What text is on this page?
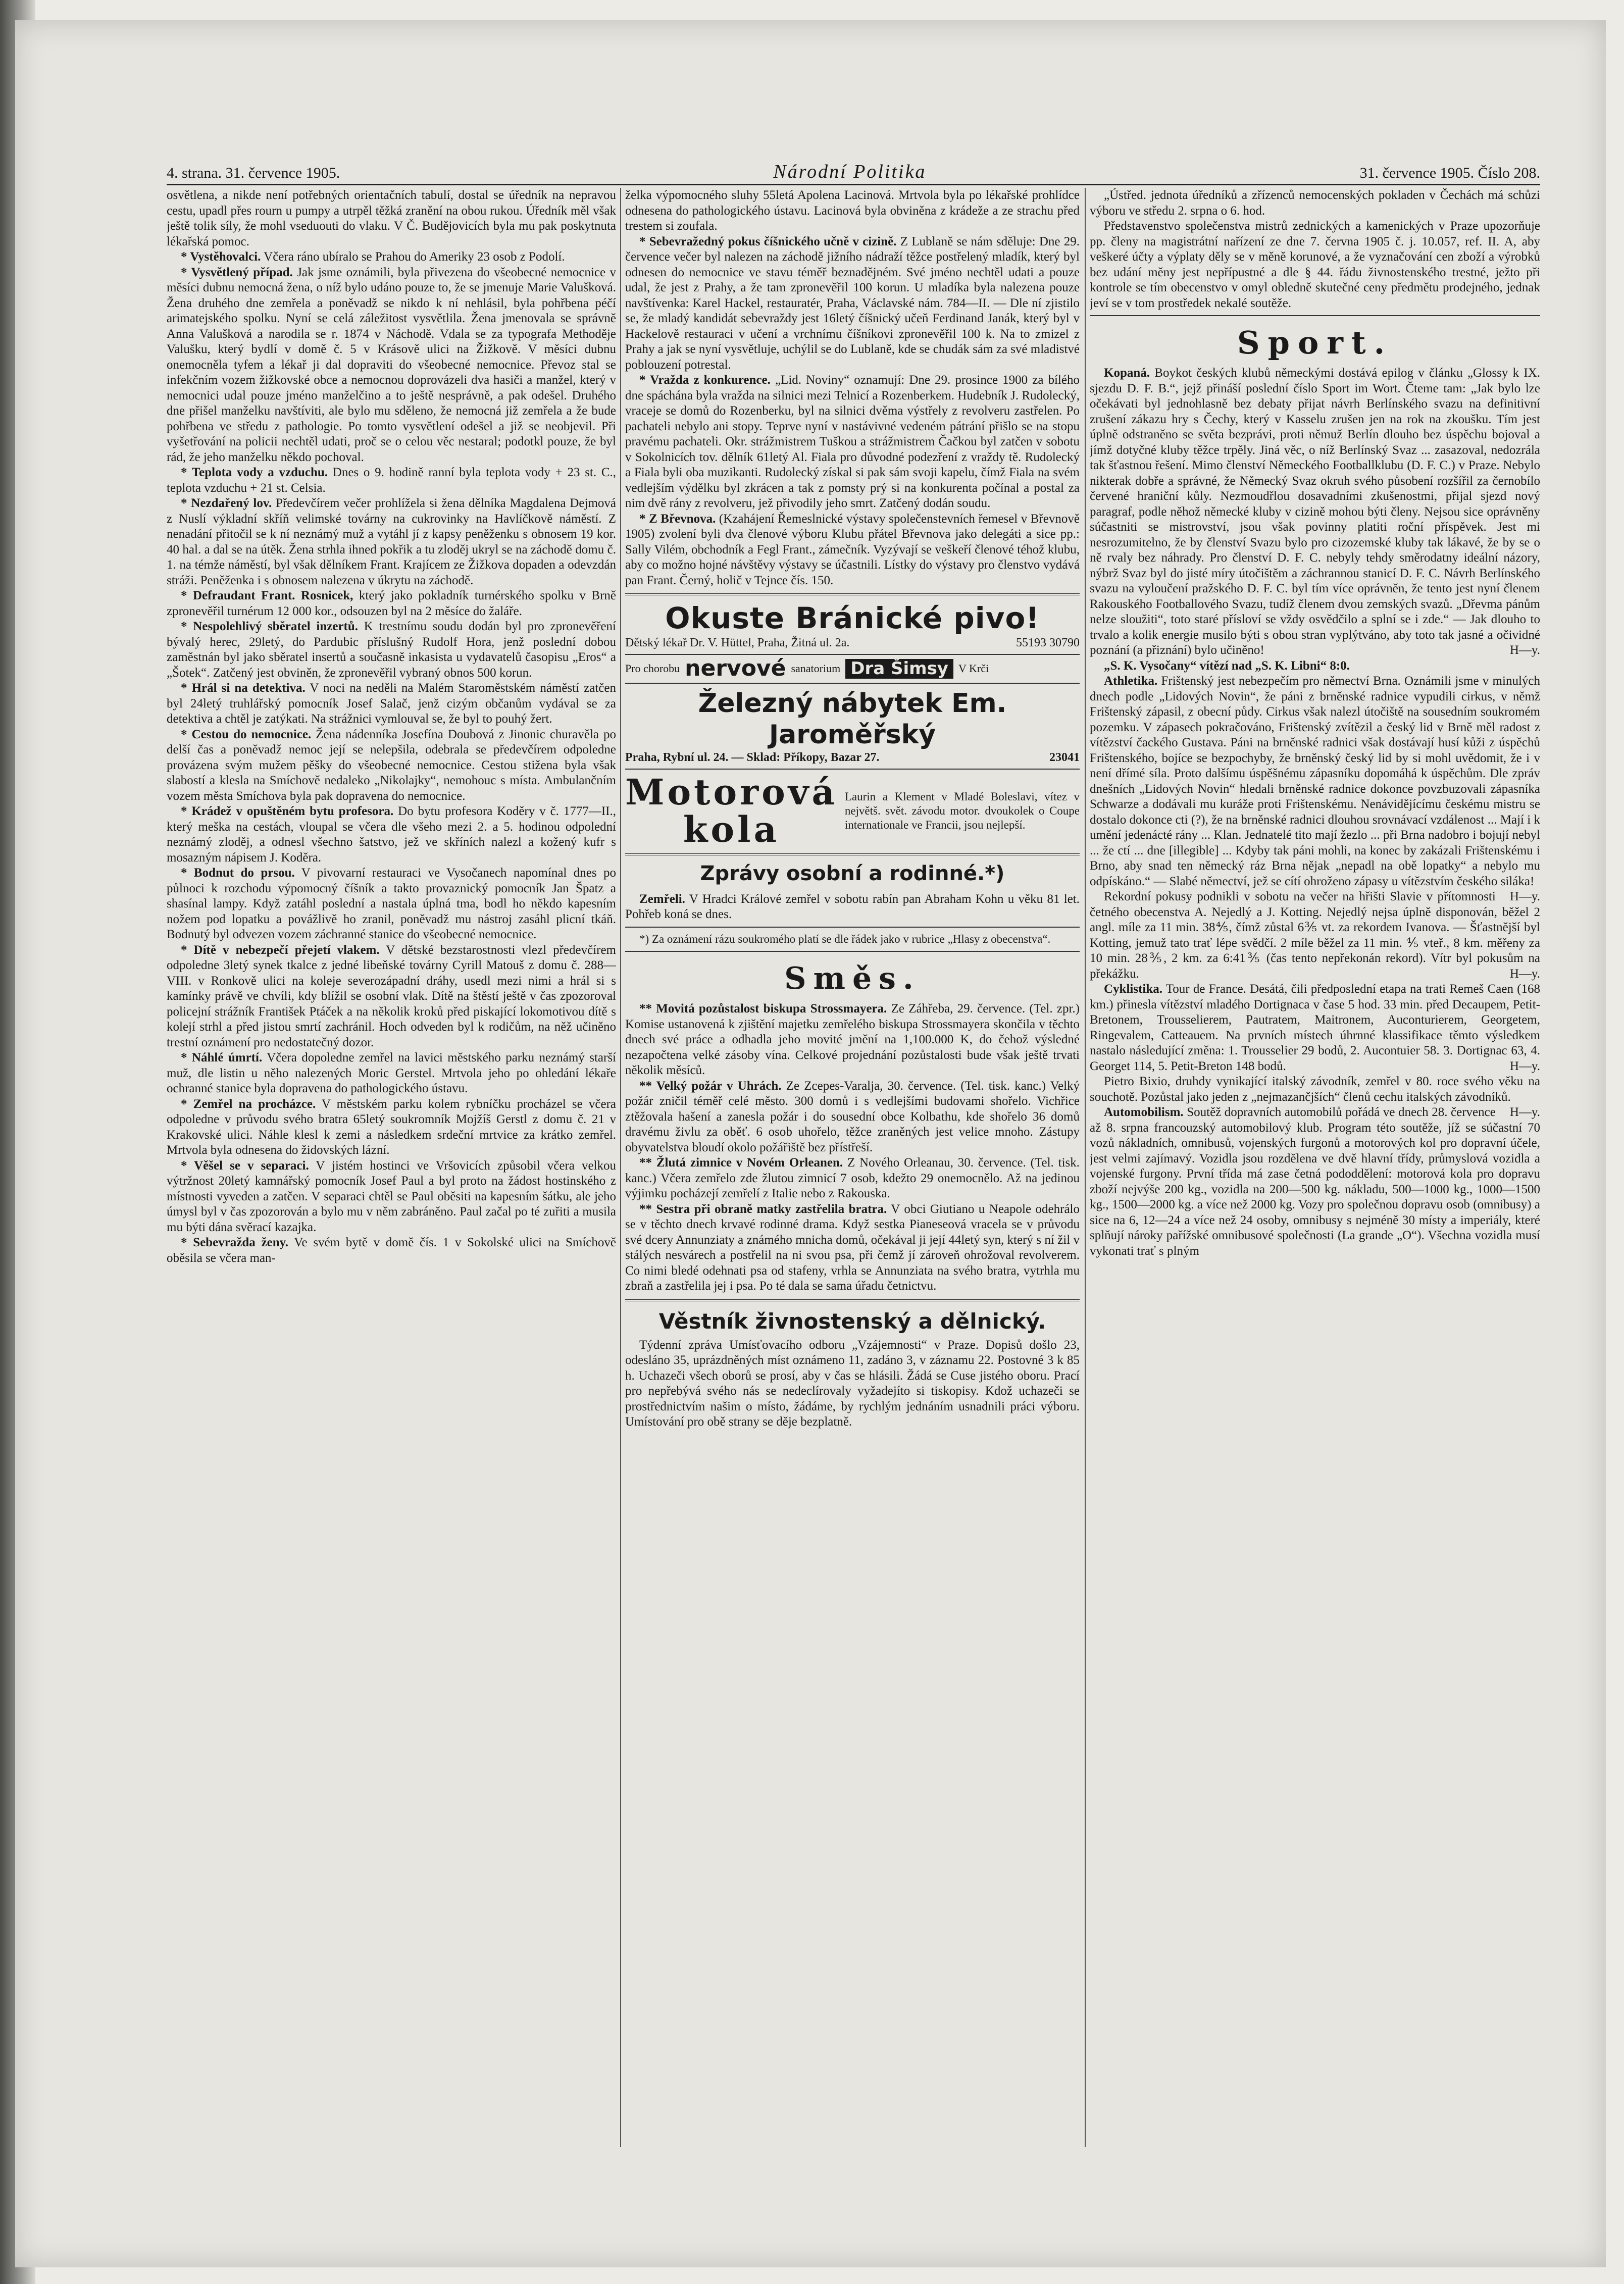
4. strana. 31. července 1905.	Národní Politika	31. července 1905. Číslo 208.

osvětlena, a nikde není potřebných orientačních tabulí, dostal se úředník na nepravou cestu, upadl přes rourn u pumpy a utrpěl těžká zranění na obou rukou. Úředník měl však ještě tolik síly, že mohl vseduouti do vlaku. V Č. Budějovicích byla mu pak poskytnuta lékařská pomoc.

* Vystěhovalci. Včera ráno ubíralo se Prahou do Ameriky 23 osob z Podolí.

* Vysvětlený případ. Jak jsme oznámili, byla přivezena do všeobecné nemocnice v měsíci dubnu nemocná žena, o níž bylo udáno pouze to, že se jmenuje Marie Valušková. Žena druhého dne zemřela a poněvadž se nikdo k ní nehlásil, byla pohřbena péčí arimatejského spolku. Nyní se celá záležitost vysvětlila. Žena jmenovala se správně Anna Valušková a narodila se r. 1874 v Náchodě. Vdala se za typografa Methoděje Valušku, který bydlí v domě č. 5 v Krásově ulici na Žižkově. V měsíci dubnu onemocněla tyfem a lékař ji dal dopraviti do všeobecné nemocnice. Převoz stal se infekčním vozem žižkovské obce a nemocnou doprovázeli dva hasiči a manžel, který v nemocnici udal pouze jméno manželčino a to ještě nesprávně, a pak odešel. Druhého dne přišel manželku navštíviti, ale bylo mu sděleno, že nemocná již zemřela a že bude pohřbena ve středu z pathologie. Po tomto vysvětlení odešel a již se neobjevil. Při vyšetřování na policii nechtěl udati, proč se o celou věc nestaral; podotkl pouze, že byl rád, že jeho manželku někdo pochoval.

* Teplota vody a vzduchu. Dnes o 9. hodině ranní byla teplota vody + 23 st. C., teplota vzduchu + 21 st. Celsia.

* Nezdařený lov. Předevčírem večer prohlížela si žena dělníka Magdalena Dejmová z Nuslí výkladní skříň velimské továrny na cukrovinky na Havlíčkově náměstí. Z nenadání přitočil se k ní neznámý muž a vytáhl jí z kapsy peněženku s obnosem 19 kor. 40 hal. a dal se na útěk. Žena strhla ihned pokřik a tu zloděj ukryl se na záchodě domu č. 1. na témže náměstí, byl však dělníkem Frant. Krajícem ze Žižkova dopaden a odevzdán stráži. Peněženka i s obnosem nalezena v úkrytu na záchodě.

* Defraudant Frant. Rosnicek, který jako pokladník turnérského spolku v Brně zpronevěřil turnérum 12 000 kor., odsouzen byl na 2 měsíce do žaláře.

* Nespolehlivý sběratel inzertů. K trestnímu soudu dodán byl pro zpronevěření bývalý herec, 29letý, do Pardubic příslušný Rudolf Hora, jenž poslední dobou zaměstnán byl jako sběratel insertů a současně inkasista u vydavatelů časopisu „Eros“ a „Šotek“. Zatčený jest obviněn, že zpronevěřil vybraný obnos 500 korun.

* Hrál si na detektiva. V noci na neděli na Malém Staroměstském náměstí zatčen byl 24letý truhlářský pomocník Josef Salač, jenž cizým občanům vydával se za detektiva a chtěl je zatýkati. Na strážnici vymlouval se, že byl to pouhý žert.

* Cestou do nemocnice. Žena nádenníka Josefína Doubová z Jinonic churavěla po delší čas a poněvadž nemoc její se nelepšila, odebrala se předevčírem odpoledne provázena svým mužem pěšky do všeobecné nemocnice. Cestou stižena byla však slabostí a klesla na Smíchově nedaleko „Nikolajky“, nemohouc s místa. Ambulančním vozem města Smíchova byla pak dopravena do nemocnice.

* Krádež v opuštěném bytu profesora. Do bytu profesora Koděry v č. 1777—II., který meška na cestách, vloupal se včera dle všeho mezi 2. a 5. hodinou odpolední neznámý zloděj, a odnesl všechno šatstvo, jež ve skříních nalezl a kožený kufr s mosazným nápisem J. Koděra.

* Bodnut do prsou. V pivovarní restauraci ve Vysočanech napomínal dnes po půlnoci k rozchodu výpomocný číšník a takto provaznický pomocník Jan Špatz a shasínal lampy. Když zatáhl poslední a nastala úplná tma, bodl ho někdo kapesním nožem pod lopatku a povážlivě ho zranil, poněvadž mu nástroj zasáhl plicní tkáň. Bodnutý byl odvezen vozem záchranné stanice do všeobecné nemocnice.

* Dítě v nebezpečí přejetí vlakem. V dětské bezstarostnosti vlezl předevčírem odpoledne 3letý synek tkalce z jedné libeňské továrny Cyrill Matouš z domu č. 288—VIII. v Ronkově ulici na koleje severozápadní dráhy, usedl mezi nimi a hrál si s kamínky právě ve chvíli, kdy blížil se osobní vlak. Dítě na štěstí ještě v čas zpozoroval policejní strážník František Ptáček a na několik kroků před piskající lokomotivou dítě s kolejí strhl a před jistou smrtí zachránil. Hoch odveden byl k rodičům, na něž učiněno trestní oznámení pro nedostatečný dozor.

* Náhlé úmrtí. Včera dopoledne zemřel na lavici městského parku neznámý starší muž, dle listin u něho nalezených Moric Gerstel. Mrtvola jeho po ohledání lékaře ochranné stanice byla dopravena do pathologického ústavu.

* Zemřel na procházce. V městském parku kolem rybníčku procházel se včera odpoledne v průvodu svého bratra 65letý soukromník Mojžíš Gerstl z domu č. 21 v Krakovské ulici. Náhle klesl k zemi a následkem srdeční mrtvice za krátko zemřel. Mrtvola byla odnesena do židovských lázní.

* Věšel se v separaci. V jistém hostinci ve Vršovicích způsobil včera velkou výtržnost 20letý kamnářský pomocník Josef Paul a byl proto na žádost hostinského z místnosti vyveden a zatčen. V separaci chtěl se Paul oběsiti na kapesním šátku, ale jeho úmysl byl v čas zpozorován a bylo mu v něm zabráněno. Paul začal po té zuřiti a musila mu býti dána svěrací kazajka.

* Sebevražda ženy. Ve svém bytě v domě čís. 1 v Sokolské ulici na Smíchově oběsila se včera man-

želka výpomocného sluhy 55letá Apolena Lacinová. Mrtvola byla po lékařské prohlídce odnesena do pathologického ústavu. Lacinová byla obviněna z krádeže a ze strachu před trestem si zoufala.

* Sebevražedný pokus číšnického učně v cizině. Z Lublaně se nám sděluje: Dne 29. července večer byl nalezen na záchodě jižního nádraží těžce postřelený mladík, který byl odnesen do nemocnice ve stavu téměř beznadějném. Své jméno nechtěl udati a pouze udal, že jest z Prahy, a že tam zpronevěřil 100 korun. U mladíka byla nalezena pouze navštívenka: Karel Hackel, restauratér, Praha, Václavské nám. 784—II. — Dle ní zjistilo se, že mladý kandidát sebevraždy jest 16letý číšnický učeň Ferdinand Janák, který byl v Hackelově restauraci v učení a vrchnímu číšníkovi zpronevěřil 100 k. Na to zmizel z Prahy a jak se nyní vysvětluje, uchýlil se do Lublaně, kde se chudák sám za své mladistvé poblouzení potrestal.

* Vražda z konkurence. „Lid. Noviny“ oznamují: Dne 29. prosince 1900 za bílého dne spáchána byla vražda na silnici mezi Telnicí a Rozenberkem. Hudebník J. Rudolecký, vraceje se domů do Rozenberku, byl na silnici dvěma výstřely z revolveru zastřelen. Po pachateli nebylo ani stopy. Teprve nyní v nastávivné vedeném pátrání přišlo se na stopu pravému pachateli. Okr. strážmistrem Tuškou a strážmistrem Čačkou byl zatčen v sobotu v Sokolnicích tov. dělník 61letý Al. Fiala pro důvodné podezření z vraždy tě. Rudolecký a Fiala byli oba muzikanti. Rudolecký získal si pak sám svoji kapelu, čímž Fiala na svém vedlejším výdělku byl zkrácen a tak z pomsty prý si na konkurenta počínal a postal za nim dvě rány z revolveru, jež přivodily jeho smrt. Zatčený dodán soudu.

* Z Břevnova. (Kzahájení Řemeslnické výstavy společenstevních řemesel v Břevnově 1905) zvolení byli dva členové výboru Klubu přátel Břevnova jako delegáti a sice pp.: Sally Vilém, obchodník a Fegl Frant., zámečník. Vyzývají se veškeří členové téhož klubu, aby co možno hojné návštěvy výstavy se účastnili. Lístky do výstavy pro členstvo vydává pan Frant. Černý, holič v Tejnce čís. 150.

Okuste Bránické pivo!
Dětský lékař Dr. V. Hüttel, Praha, Žitná ul. 2a.	55193 30790
Pro chorobu nervové sanatorium Dra Šimsy V Krči
Železný nábytek Em. Jaroměřský
Praha, Rybní ul. 24. — Sklad: Příkopy, Bazar 27.	23041
Motorová
kola
Laurin a Klement v Mladé Boleslavi, vítez v největš. svět. závodu motor. dvoukolek o Coupe internationale ve Francii, jsou nejlepší.
Zprávy osobní a rodinné.*)

Zemřeli. V Hradci Králové zemřel v sobotu rabín pan Abraham Kohn u věku 81 let. Pohřeb koná se dnes.

*) Za oznámení rázu soukromého platí se dle řádek jako v rubrice „Hlasy z obecenstva“.

Směs.

** Movitá pozůstalost biskupa Strossmayera. Ze Záhřeba, 29. července. (Tel. zpr.) Komise ustanovená k zjištění majetku zemřelého biskupa Strossmayera skončila v těchto dnech své práce a odhadla jeho movité jmění na 1,100.000 K, do čehož výsledné nezapočtena velké zásoby vína. Celkové projednání pozůstalosti bude však ještě trvati několik měsíců.

** Velký požár v Uhrách. Ze Zcepes-Varalja, 30. července. (Tel. tisk. kanc.) Velký požár zničil téměř celé město. 300 domů i s vedlejšími budovami shořelo. Vichřice ztěžovala hašení a zanesla požár i do sousední obce Kolbathu, kde shořelo 36 domů dravému živlu za oběť. 6 osob uhořelo, těžce zraněných jest velice mnoho. Zástupy obyvatelstva bloudí okolo požářiště bez přístřeší.

** Žlutá zimnice v Novém Orleanen. Z Nového Orleanau, 30. července. (Tel. tisk. kanc.) Včera zemřelo zde žlutou zimnicí 7 osob, kdežto 29 onemocnělo. Až na jedinou výjimku pocházejí zemřelí z Italie nebo z Rakouska.

** Sestra při obraně matky zastřelila bratra. V obci Giutiano u Neapole odehrálo se v těchto dnech krvavé rodinné drama. Když sestka Pianeseová vracela se v průvodu své dcery Annunziaty a známého mnicha domů, očekával ji její 44letý syn, který s ní žil v stálých nesvárech a postřelil na ni svou psa, při čemž jí zároveň ohrožoval revolverem. Co nimi bledé odehnati psa od stafeny, vrhla se Annunziata na svého bratra, vytrhla mu zbraň a zastřelila jej i psa. Po té dala se sama úřadu četnictvu.

Věstník živnostenský a dělnický.

Týdenní zpráva Umísťovacího odboru „Vzájemnosti“ v Praze. Dopisů došlo 23, odesláno 35, uprázdněných míst oznámeno 11, zadáno 3, v záznamu 22. Postovné 3 k 85 h. Uchazeči všech oborů se prosí, aby v čas se hlásili. Žádá se Cuse jistého oboru. Prací pro nepřebývá svého nás se nedeclírovaly vyžadejíto si tiskopisy. Kdož uchazeči se prostřednictvím našim o místo, žádáme, by rychlým jednáním usnadnili práci výboru. Umístování pro obě strany se děje bezplatně.

„Ústřed. jednota úředníků a zřízenců nemocenských pokladen v Čechách má schůzi výboru ve středu 2. srpna o 6. hod.

Představenstvo společenstva mistrů zednických a kamenických v Praze upozorňuje pp. členy na magistrátní nařízení ze dne 7. června 1905 č. j. 10.057, ref. II. A, aby veškeré účty a výplaty děly se v měně korunové, a že vyznačování cen zboží a výrobků bez udání měny jest nepřípustné a dle § 44. řádu živnostenského trestné, ježto při kontrole se tím obecenstvo v omyl obledně skutečné ceny předmětu prodejného, jednak jeví se v tom prostředek nekalé soutěže.

Sport.

Kopaná. Boykot českých klubů německými dostává epilog v článku „Glossy k IX. sjezdu D. F. B.“, jejž přináší poslední číslo Sport im Wort. Čteme tam: „Jak bylo lze očekávati byl jednohlasně bez debaty přijat návrh Berlínského svazu na definitivní zrušení zákazu hry s Čechy, který v Kasselu zrušen jen na rok na zkoušku. Tím jest úplně odstraněno se světa bezprávi, proti němuž Berlín dlouho bez úspěchu bojoval a jímž dotyčné kluby těžce trpěly. Jiná věc, o níž Berlínský Svaz ... zasazoval, nedozrála tak šťastnou řešení. Mimo členství Německého Footballklubu (D. F. C.) v Praze. Nebylo nikterak dobře a správné, že Německý Svaz okruh svého působení rozšířil za černobílo červené hraniční kůly. Nezmoudřlou dosavadními zkušenostmi, přijal sjezd nový paragraf, podle něhož německé kluby v cizině mohou býti členy. Nejsou sice oprávněny súčastniti se mistrovství, jsou však povinny platiti roční příspěvek. Jest mi nesrozumitelno, že by členství Svazu bylo pro cizozemské kluby tak lákavé, že by se o ně rvaly bez náhrady. Pro členství D. F. C. nebyly tehdy směrodatny ideální názory, nýbrž Svaz byl do jisté míry útočištěm a záchrannou stanicí D. F. C. Návrh Berlínského svazu na vyloučení pražského D. F. C. byl tím více oprávněn, že tento jest nyní členem Rakouského Footballového Svazu, tudíž členem dvou zemských svazů. „Dřevma pánům nelze sloužiti“, toto staré přísloví se vždy osvědčilo a splní se i zde.“ — Jak dlouho to trvalo a kolik energie musilo býti s obou stran vyplýtváno, aby toto tak jasné a očividné poznání (a přiznání) bylo učiněno!	H—y.

„S. K. Vysočany“ vítězí nad „S. K. Libni“ 8:0.

Athletika. Frištenský jest nebezpečím pro němectví Brna. Oznámili jsme v minulých dnech podle „Lidových Novin“, že páni z brněnské radnice vypudili cirkus, v němž Frištenský zápasil, z obecní půdy. Cirkus však nalezl útočiště na sousedním soukromém pozemku. V zápasech pokračováno, Frištenský zvítězil a český lid v Brně měl radost z vítězství čackého Gustava. Páni na brněnské radnici však dostávají husí kůži z úspěchů Frištenského, bojíce se bezpochyby, že brněnský český lid by si mohl uvědomit, že i v není dřímé síla. Proto dalšímu úspěšnému zápasníku dopomáhá k úspěchům. Dle zpráv dnešních „Lidových Novin“ hledali brněnské radnice dokonce povzbuzovali zápasníka Schwarze a dodávali mu kuráže proti Frištenskému. Nenávidějícímu českému mistru se dostalo dokonce cti (?), že na brněnské radnici dlouhou srovnávací vzdálenost ... Mají i k umění jedenácté rány ... Klan. Jednatelé tito mají žezlo ... při Brna nadobro i bojují nebyl ... že ctí ... dne [illegible] ... Kdyby tak páni mohli, na konec by zakázali Frištenskému i Brno, aby snad ten německý ráz Brna nějak „nepadl na obě lopatky“ a nebylo mu odpískáno.“ — Slabé němectví, jež se cítí ohroženo zápasy u vítězstvím českého siláka!
H—y.

Rekordní pokusy podnikli v sobotu na večer na hřišti Slavie v přítomnosti četného obecenstva A. Nejedlý a J. Kotting. Nejedlý nejsa úplně disponován, běžel 2 angl. míle za 11 min. 38⅘, čímž zůstal 6⅗ vt. za rekordem Ivanova. — Šťastnější byl Kotting, jemuž tato trať lépe svědčí. 2 míle běžel za 11 min. ⅘ vteř., 8 km. měřeny za 10 min. 28⅗, 2 km. za 6:41⅗ (čas tento nepřekonán rekord). Vítr byl pokusům na překážku.	H—y.

Cyklistika. Tour de France. Desátá, čili předposlední etapa na trati Remeš Caen (168 km.) přinesla vítězství mladého Dortignaca v čase 5 hod. 33 min. před Decaupem, Petit-Bretonem, Trousselierem, Pautratem, Maitronem, Auconturierem, Georgetem, Ringevalem, Catteauem. Na prvních místech úhrnné klassifikace těmto výsledkem nastalo následující změna: 1. Trousselier 29 bodů, 2. Aucontuier 58. 3. Dortignac 63, 4. Georget 114, 5. Petit-Breton 148 bodů.	H—y.

Pietro Bixio, druhdy vynikající italský závodník, zemřel v 80. roce svého věku na souchotě. Pozůstal jako jeden z „nejmazančjších“ členů cechu italských závodníků.
H—y.

Automobilism. Soutěž dopravních automobilů pořádá ve dnech 28. července až 8. srpna francouzský automobilový klub. Program této soutěže, jíž se súčastní 70 vozů nákladních, omnibusů, vojenských furgonů a motorových kol pro dopravní účele, jest velmi zajímavý. Vozidla jsou rozdělena ve dvě hlavní třídy, průmyslová vozidla a vojenské furgony. První třída má zase četná pododdělení: motorová kola pro dopravu zboží nejvýše 200 kg., vozidla na 200—500 kg. nákladu, 500—1000 kg., 1000—1500 kg., 1500—2000 kg. a více než 2000 kg. Vozy pro společnou dopravu osob (omnibusy) a sice na 6, 12—24 a více než 24 osoby, omnibusy s nejméně 30 místy a imperiály, které splňují nároky pařížské omnibusové společnosti (La grande „O“). Všechna vozidla musí vykonati trať s plným
